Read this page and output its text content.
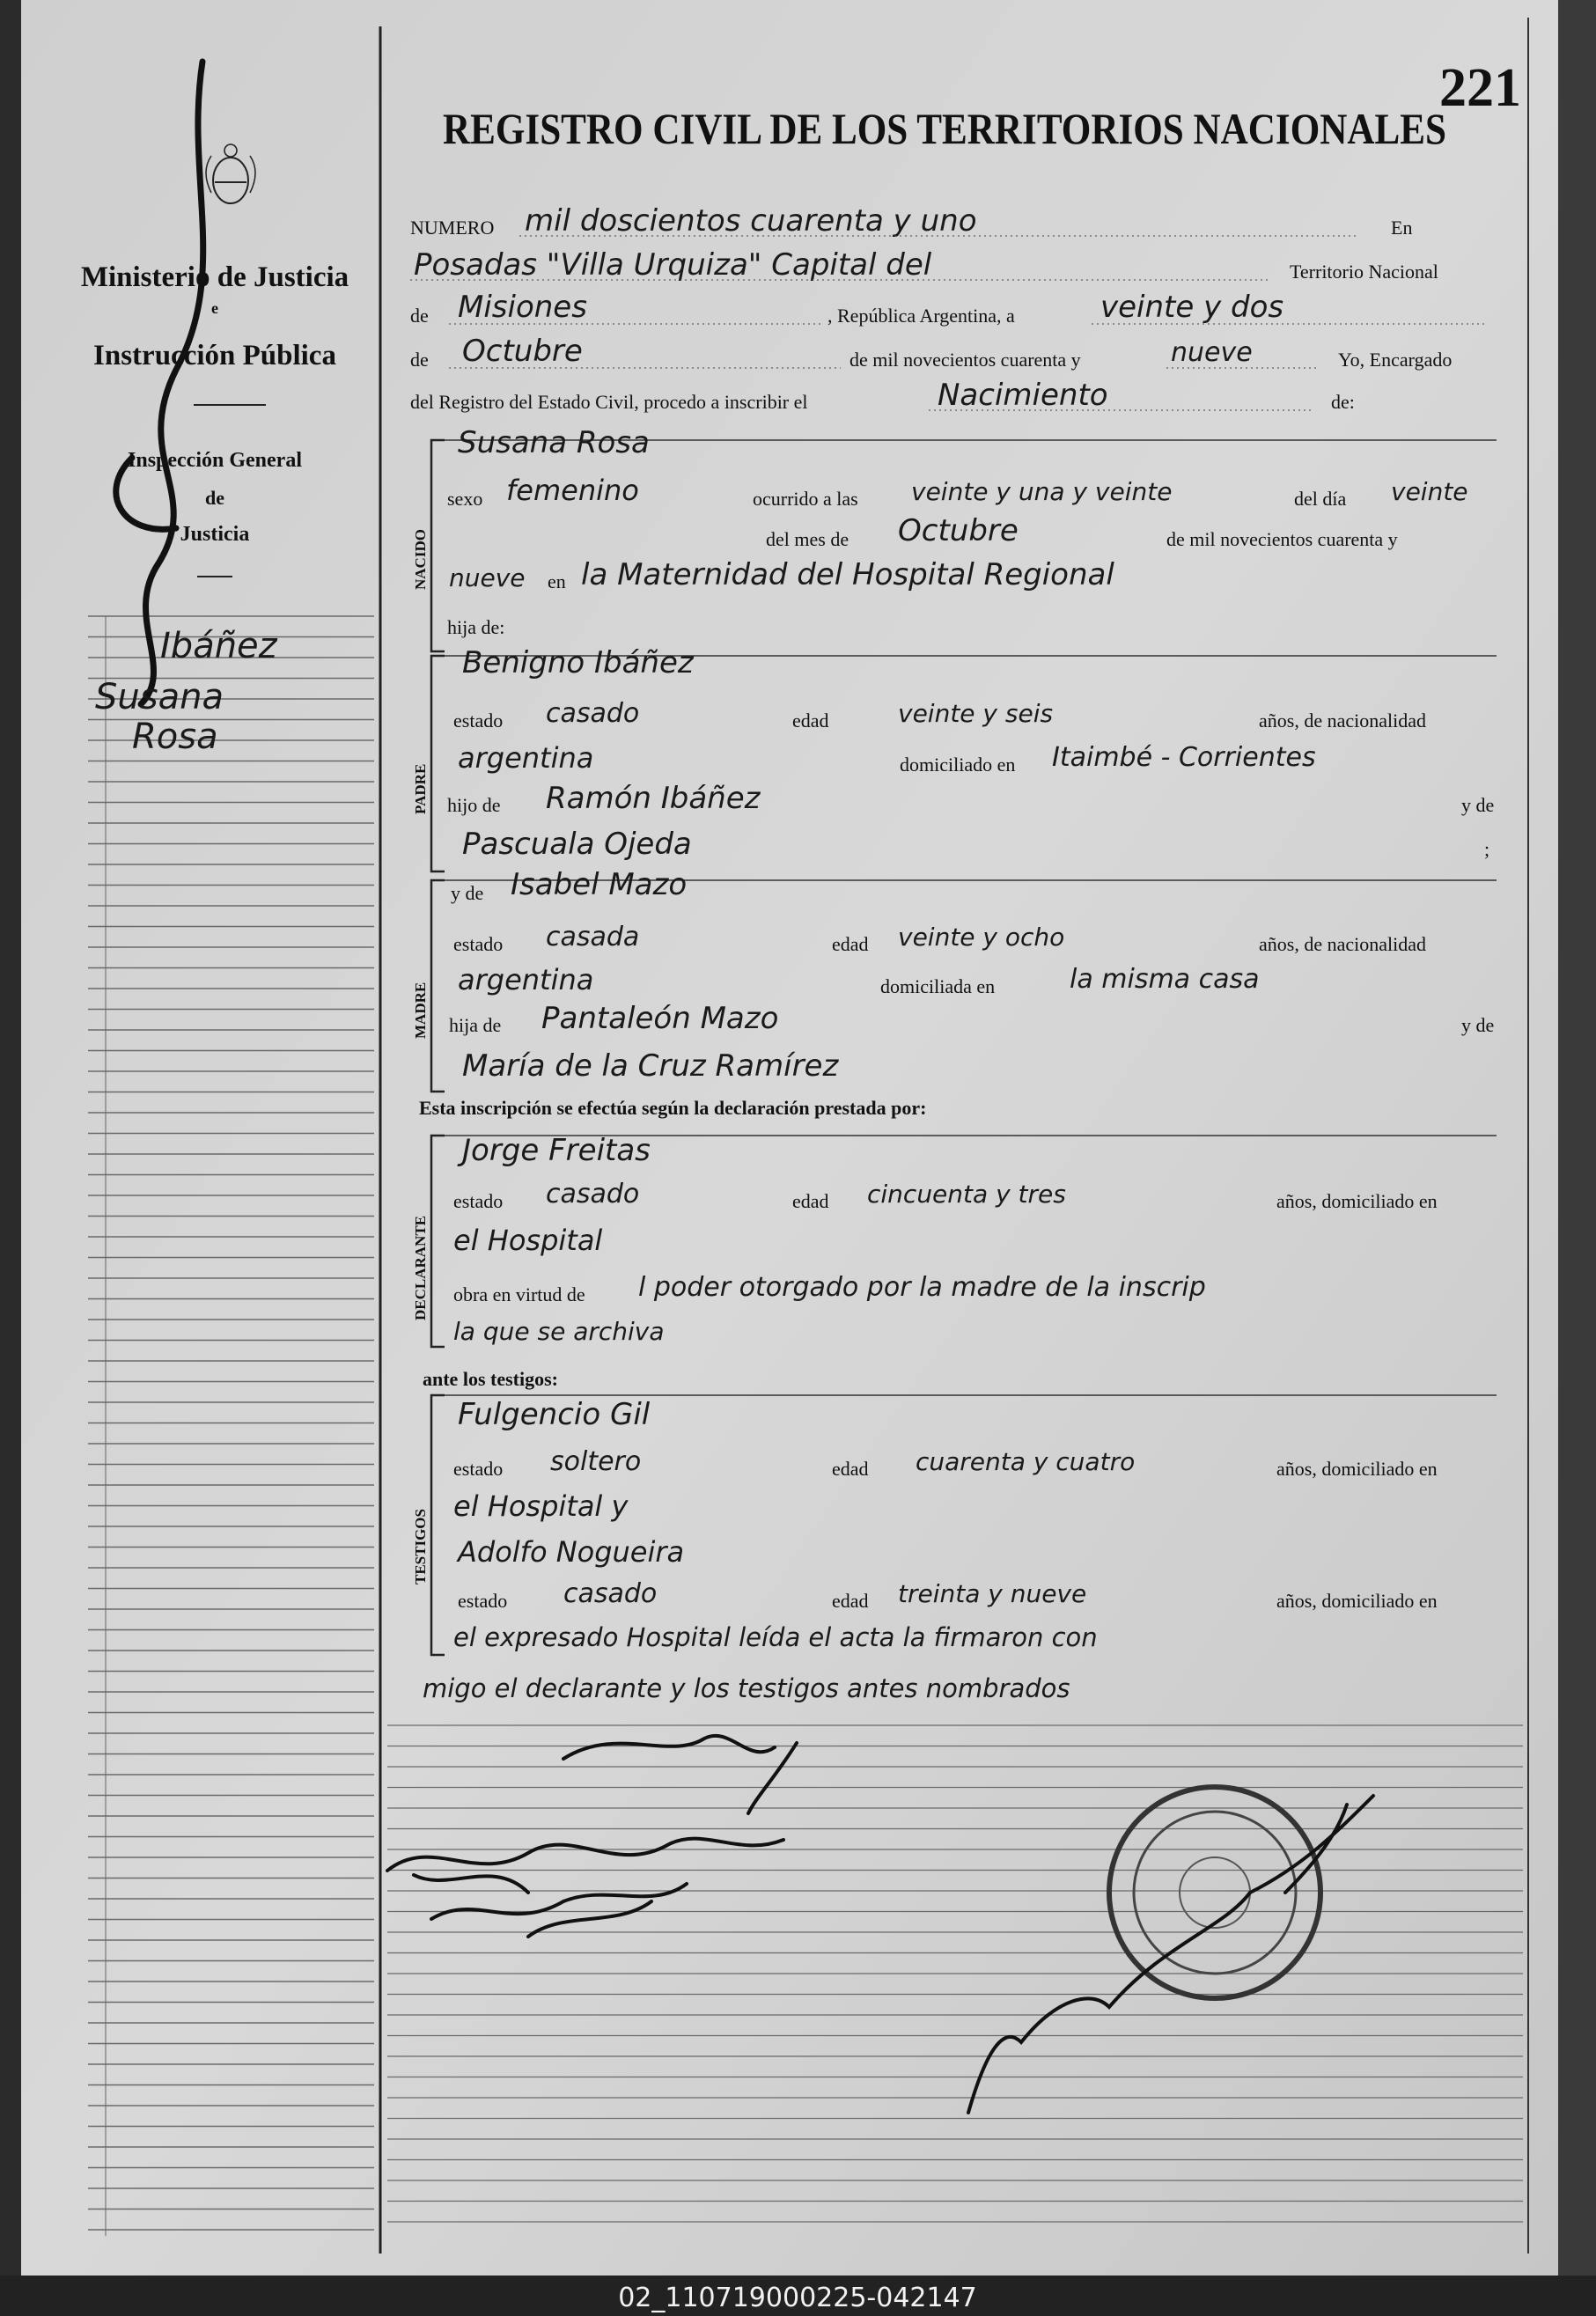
221
REGISTRO CIVIL DE LOS TERRITORIOS NACIONALES
Ministerio de Justicia
e
Instrucción Pública
Inspección General
de
Justicia
Ibáñez
Susana
Rosa
NUMERO mil doscientos cuarenta y uno	En
Posadas "Villa Urquiza" Capital del	Territorio Nacional
de Misiones	, República Argentina, a	veinte y dos
de Octubre	de mil novecientos cuarenta y	nueve	Yo, Encargado
del Registro del Estado Civil, procedo a inscribir el	Nacimiento	de:
NACIDO
PADRE
MADRE
DECLARANTE
TESTIGOS
Susana Rosa
sexo femenino	ocurrido a las veinte y una y veinte	del día veinte
del mes de Octubre	de mil novecientos cuarenta y
nueve en la Maternidad del Hospital Regional
hija de:
Benigno Ibáñez
estado casado	edad	veinte y seis	años, de nacionalidad
argentina	domiciliado en Itaimbé - Corrientes
hijo de Ramón Ibáñez	y de
Pascuala Ojeda	;
y de Isabel Mazo
estado casada	edad veinte y ocho	años, de nacionalidad
argentina	domiciliada en	la misma casa
hija de Pantaleón Mazo	y de
María de la Cruz Ramírez
Esta inscripción se efectúa según la declaración prestada por:
Jorge Freitas
estado casado	edad cincuenta y tres	años, domiciliado en
el Hospital
obra en virtud de l poder otorgado por la madre de la inscrip
la que se archiva
ante los testigos:
Fulgencio Gil
estado soltero	edad cuarenta y cuatro	años, domiciliado en
el Hospital y
Adolfo Nogueira
estado casado	edad treinta y nueve	años, domiciliado en
el expresado Hospital leída el acta la firmaron con
migo el declarante y los testigos antes nombrados
Jorge F
Fulgencio Gil
Nogueira
Ludovico
02_110719000225-042147
